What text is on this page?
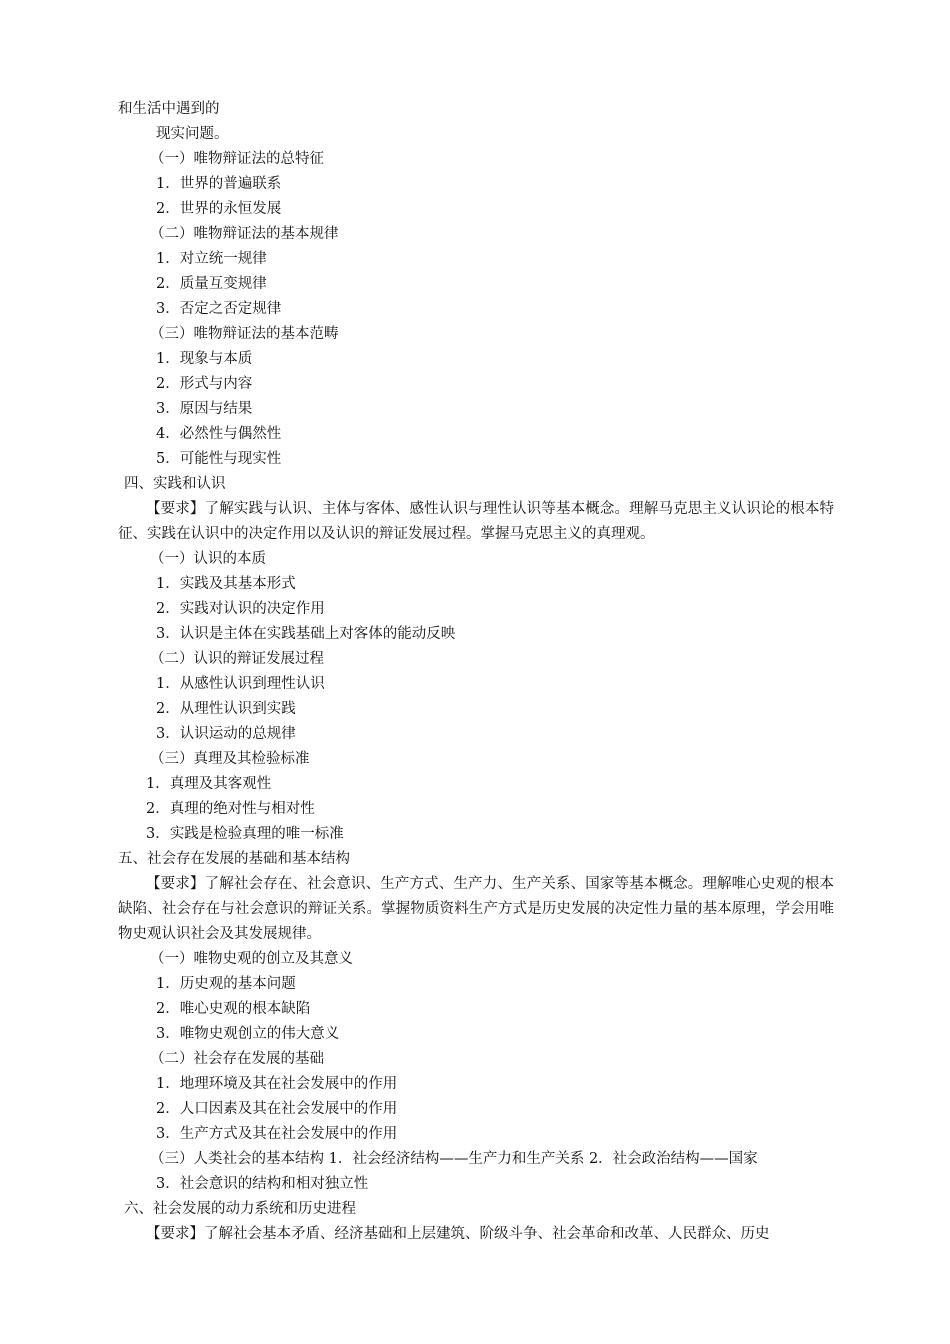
和生活中遇到的
现实问题。
（一）唯物辩证法的总特征
1．世界的普遍联系
2．世界的永恒发展
（二）唯物辩证法的基本规律
1．对立统一规律
2．质量互变规律
3．否定之否定规律
（三）唯物辩证法的基本范畴
1．现象与本质
2．形式与内容
3．原因与结果
4．必然性与偶然性
5．可能性与现实性
四、实践和认识
【要求】了解实践与认识、主体与客体、感性认识与理性认识等基本概念。理解马克思主义认识论的根本特征、实践在认识中的决定作用以及认识的辩证发展过程。掌握马克思主义的真理观。
（一）认识的本质
1．实践及其基本形式
2．实践对认识的决定作用
3．认识是主体在实践基础上对客体的能动反映
（二）认识的辩证发展过程
1．从感性认识到理性认识
2．从理性认识到实践
3．认识运动的总规律
（三）真理及其检验标准
1．真理及其客观性
2．真理的绝对性与相对性
3．实践是检验真理的唯一标准
五、社会存在发展的基础和基本结构
【要求】了解社会存在、社会意识、生产方式、生产力、生产关系、国家等基本概念。理解唯心史观的根本缺陷、社会存在与社会意识的辩证关系。掌握物质资料生产方式是历史发展的决定性力量的基本原理，学会用唯物史观认识社会及其发展规律。
（一）唯物史观的创立及其意义
1．历史观的基本问题
2．唯心史观的根本缺陷
3．唯物史观创立的伟大意义
（二）社会存在发展的基础
1．地理环境及其在社会发展中的作用
2．人口因素及其在社会发展中的作用
3．生产方式及其在社会发展中的作用
（三）人类社会的基本结构 1．社会经济结构——生产力和生产关系 2．社会政治结构——国家
3．社会意识的结构和相对独立性
六、社会发展的动力系统和历史进程
【要求】了解社会基本矛盾、经济基础和上层建筑、阶级斗争、社会革命和改革、人民群众、历史
